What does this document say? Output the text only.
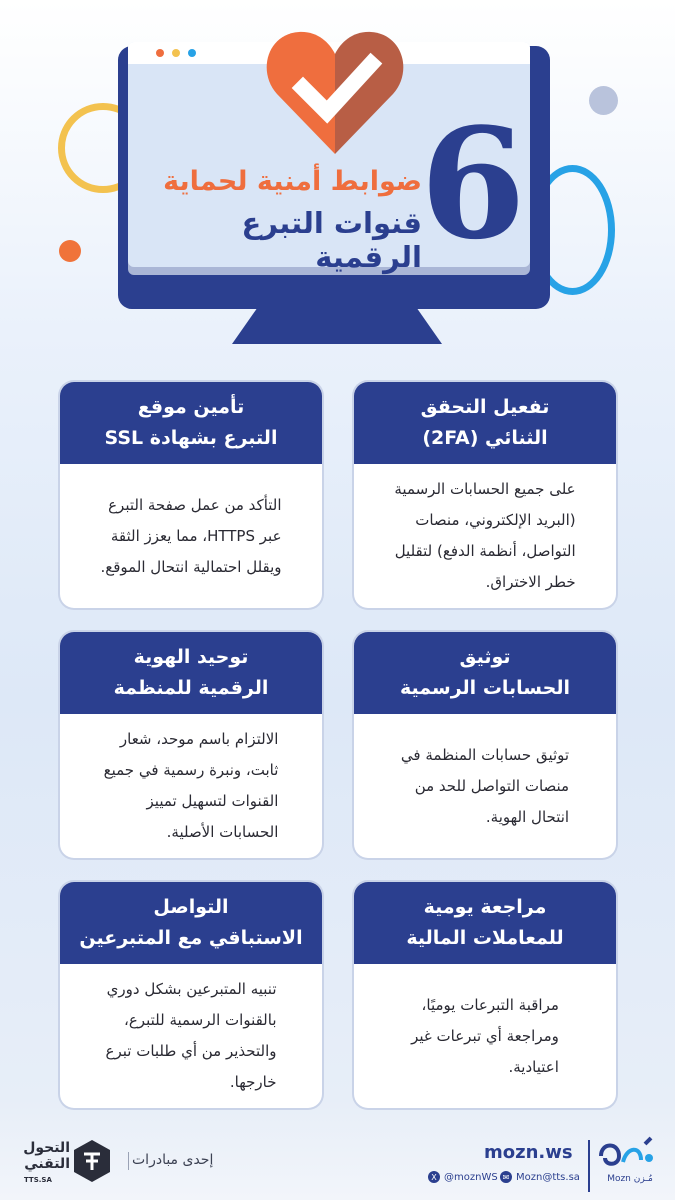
6
ضوابط أمنية لحماية
قنوات التبرع الرقمية
تفعيل التحقق
الثنائي (2FA)
على جميع الحسابات الرسمية
(البريد الإلكتروني، منصات
التواصل، أنظمة الدفع) لتقليل
خطر الاختراق.
تأمين موقع
التبرع بشهادة SSL
التأكد من عمل صفحة التبرع
عبر HTTPS، مما يعزز الثقة
ويقلل احتمالية انتحال الموقع.
توثيق
الحسابات الرسمية
توثيق حسابات المنظمة في
منصات التواصل للحد من
انتحال الهوية.
توحيد الهوية
الرقمية للمنظمة
الالتزام باسم موحد، شعار
ثابت، ونبرة رسمية في جميع
القنوات لتسهيل تمييز
الحسابات الأصلية.
مراجعة يومية
للمعاملات المالية
مراقبة التبرعات يوميًا،
ومراجعة أي تبرعات غير
اعتيادية.
التواصل
الاستباقي مع المتبرعين
تنبيه المتبرعين بشكل دوري
بالقنوات الرسمية للتبرع،
والتحذير من أي طلبات تبرع
خارجها.
Mozn مُـزن
mozn.ws
✉ Mozn@tts.sa
X @moznWS
إحدى مبادرات
التحول
التقني
TTS.SA
